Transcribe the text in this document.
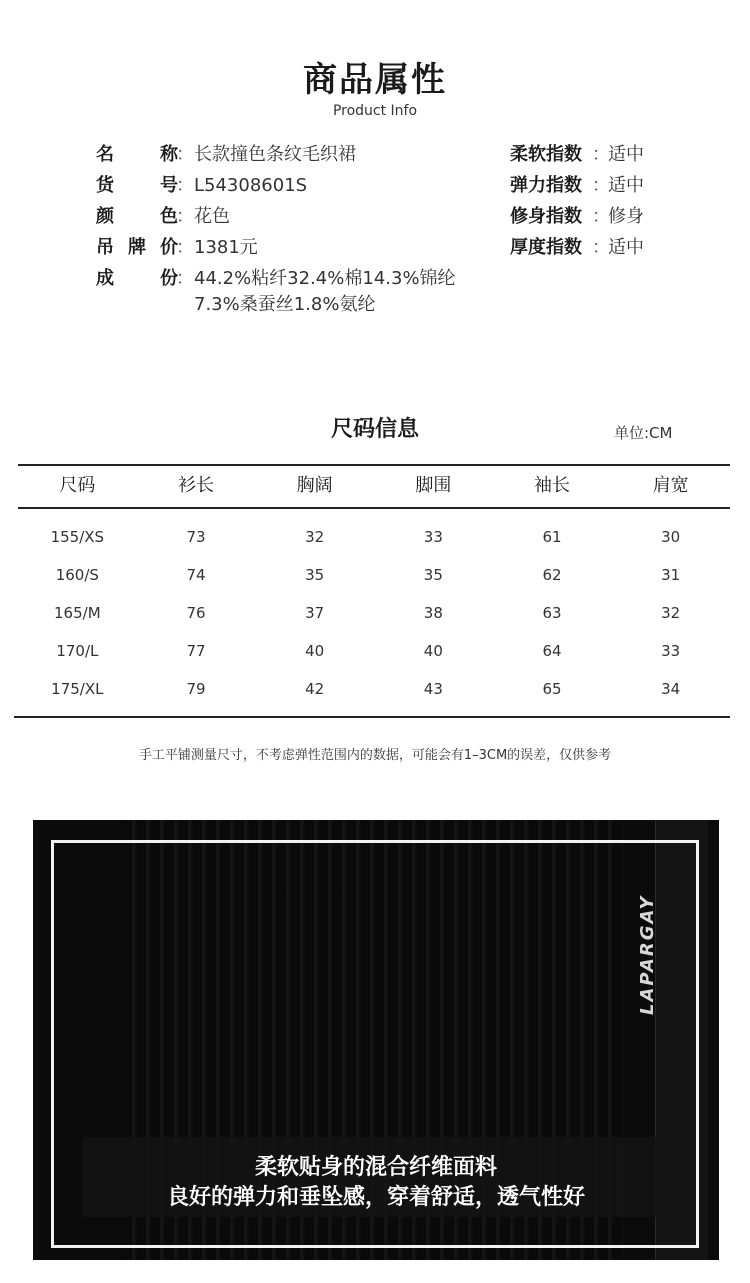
商品属性
Product Info
名称
： 长款撞色条纹毛织裙
货号
： L54308601S
颜色
： 花色
吊牌价
： 1381元
成份
： 44.2%粘纤32.4%棉14.3%锦纶7.3%桑蚕丝1.8%氨纶
柔软指数 ：
适中
弹力指数 ：
适中
修身指数 ：
修身
厚度指数 ：
适中
尺码信息	单位:CM
尺码	衫长	胸阔	脚围	袖长	肩宽
155/XS	73	32	33	61	30
160/S	74	35	35	62	31
165/M	76	37	38	63	32
170/L	77	40	40	64	33
175/XL	79	42	43	65	34
手工平铺测量尺寸，不考虑弹性范围内的数据，可能会有1–3CM的误差，仅供参考
柔软贴身的混合纤维面料
良好的弹力和垂坠感，穿着舒适，透气性好
LAPARGAY
